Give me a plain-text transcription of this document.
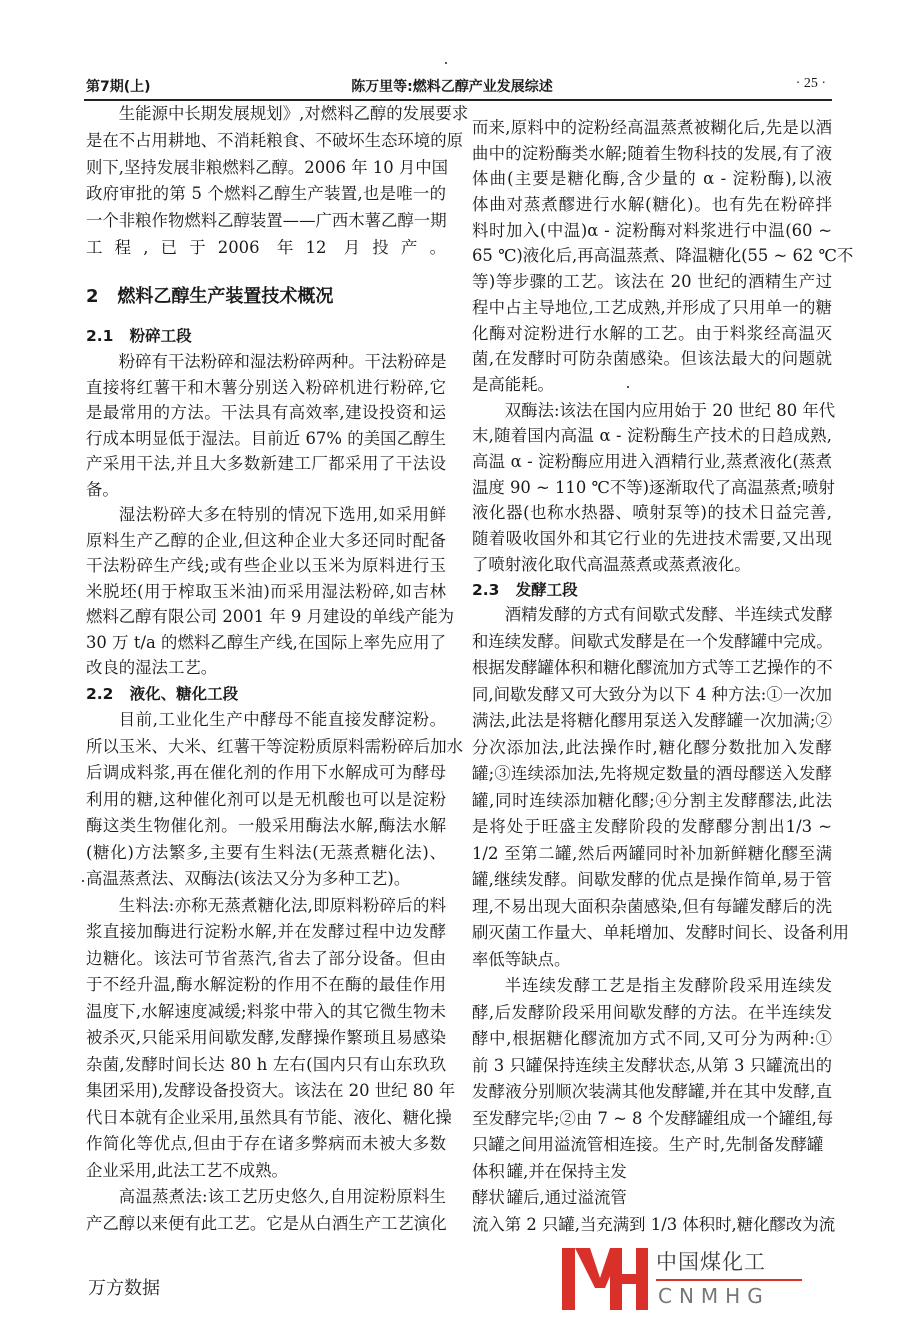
第7期(上)	陈万里等:燃料乙醇产业发展综述	· 25 ·
生能源中长期发展规划》,对燃料乙醇的发展要求
是在不占用耕地、不消耗粮食、不破坏生态环境的原
则下,坚持发展非粮燃料乙醇。2006 年 10 月中国
政府审批的第 5 个燃料乙醇生产装置,也是唯一的
一个非粮作物燃料乙醇装置——广西木薯乙醇一期
工程,已于2006 年12 月投产。
2   燃料乙醇生产装置技术概况
2.1   粉碎工段
粉碎有干法粉碎和湿法粉碎两种。干法粉碎是
直接将红薯干和木薯分别送入粉碎机进行粉碎,它
是最常用的方法。干法具有高效率,建设投资和运
行成本明显低于湿法。目前近 67% 的美国乙醇生
产采用干法,并且大多数新建工厂都采用了干法设
备。
湿法粉碎大多在特别的情况下选用,如采用鲜
原料生产乙醇的企业,但这种企业大多还同时配备
干法粉碎生产线;或有些企业以玉米为原料进行玉
米脱坯(用于榨取玉米油)而采用湿法粉碎,如吉林
燃料乙醇有限公司 2001 年 9 月建设的单线产能为
30 万 t/a 的燃料乙醇生产线,在国际上率先应用了
改良的湿法工艺。
2.2   液化、糖化工段
目前,工业化生产中酵母不能直接发酵淀粉。
所以玉米、大米、红薯干等淀粉质原料需粉碎后加水
后调成料浆,再在催化剂的作用下水解成可为酵母
利用的糖,这种催化剂可以是无机酸也可以是淀粉
酶这类生物催化剂。一般采用酶法水解,酶法水解
(糖化)方法繁多,主要有生料法(无蒸煮糖化法)、
高温蒸煮法、双酶法(该法又分为多种工艺)。
生料法:亦称无蒸煮糖化法,即原料粉碎后的料
浆直接加酶进行淀粉水解,并在发酵过程中边发酵
边糖化。该法可节省蒸汽,省去了部分设备。但由
于不经升温,酶水解淀粉的作用不在酶的最佳作用
温度下,水解速度减缓;料浆中带入的其它微生物未
被杀灭,只能采用间歇发酵,发酵操作繁琐且易感染
杂菌,发酵时间长达 80 h 左右(国内只有山东玖玖
集团采用),发酵设备投资大。该法在 20 世纪 80 年
代日本就有企业采用,虽然具有节能、液化、糖化操
作简化等优点,但由于存在诸多弊病而未被大多数
企业采用,此法工艺不成熟。
高温蒸煮法:该工艺历史悠久,自用淀粉原料生
产乙醇以来便有此工艺。它是从白酒生产工艺演化
而来,原料中的淀粉经高温蒸煮被糊化后,先是以酒
曲中的淀粉酶类水解;随着生物科技的发展,有了液
体曲(主要是糖化酶,含少量的 α - 淀粉酶),以液
体曲对蒸煮醪进行水解(糖化)。也有先在粉碎拌
料时加入(中温)α - 淀粉酶对料浆进行中温(60 ~
65 ℃)液化后,再高温蒸煮、降温糖化(55 ~ 62 ℃不
等)等步骤的工艺。该法在 20 世纪的酒精生产过
程中占主导地位,工艺成熟,并形成了只用单一的糖
化酶对淀粉进行水解的工艺。由于料浆经高温灭
菌,在发酵时可防杂菌感染。但该法最大的问题就
是高能耗。
双酶法:该法在国内应用始于 20 世纪 80 年代
末,随着国内高温 α - 淀粉酶生产技术的日趋成熟,
高温 α - 淀粉酶应用进入酒精行业,蒸煮液化(蒸煮
温度 90 ~ 110 ℃不等)逐渐取代了高温蒸煮;喷射
液化器(也称水热器、喷射泵等)的技术日益完善,
随着吸收国外和其它行业的先进技术需要,又出现
了喷射液化取代高温蒸煮或蒸煮液化。
2.3   发酵工段
酒精发酵的方式有间歇式发酵、半连续式发酵
和连续发酵。间歇式发酵是在一个发酵罐中完成。
根据发酵罐体积和糖化醪流加方式等工艺操作的不
同,间歇发酵又可大致分为以下 4 种方法:①一次加
满法,此法是将糖化醪用泵送入发酵罐一次加满;②
分次添加法,此法操作时,糖化醪分数批加入发酵
罐;③连续添加法,先将规定数量的酒母醪送入发酵
罐,同时连续添加糖化醪;④分割主发酵醪法,此法
是将处于旺盛主发酵阶段的发酵醪分割出1/3 ~
1/2 至第二罐,然后两罐同时补加新鲜糖化醪至满
罐,继续发酵。间歇发酵的优点是操作简单,易于管
理,不易出现大面积杂菌感染,但有每罐发酵后的洗
刷灭菌工作量大、单耗增加、发酵时间长、设备利用
率低等缺点。
半连续发酵工艺是指主发酵阶段采用连续发
酵,后发酵阶段采用间歇发酵的方法。在半连续发
酵中,根据糖化醪流加方式不同,又可分为两种:①
前 3 只罐保持连续主发酵状态,从第 3 只罐流出的
发酵液分别顺次装满其他发酵罐,并在其中发酵,直
至发酵完毕;②由 7 ~ 8 个发酵罐组成一个罐组,每
只罐之间用溢流管相连接。生产 时,先制备发酵罐
体积 罐,并在保持主发
酵状 罐后,通过溢流管
流入第 2 只罐,当充满到 1/3 体积时,糖化醪改为流
中国煤化工
CNMHG
万方数据
